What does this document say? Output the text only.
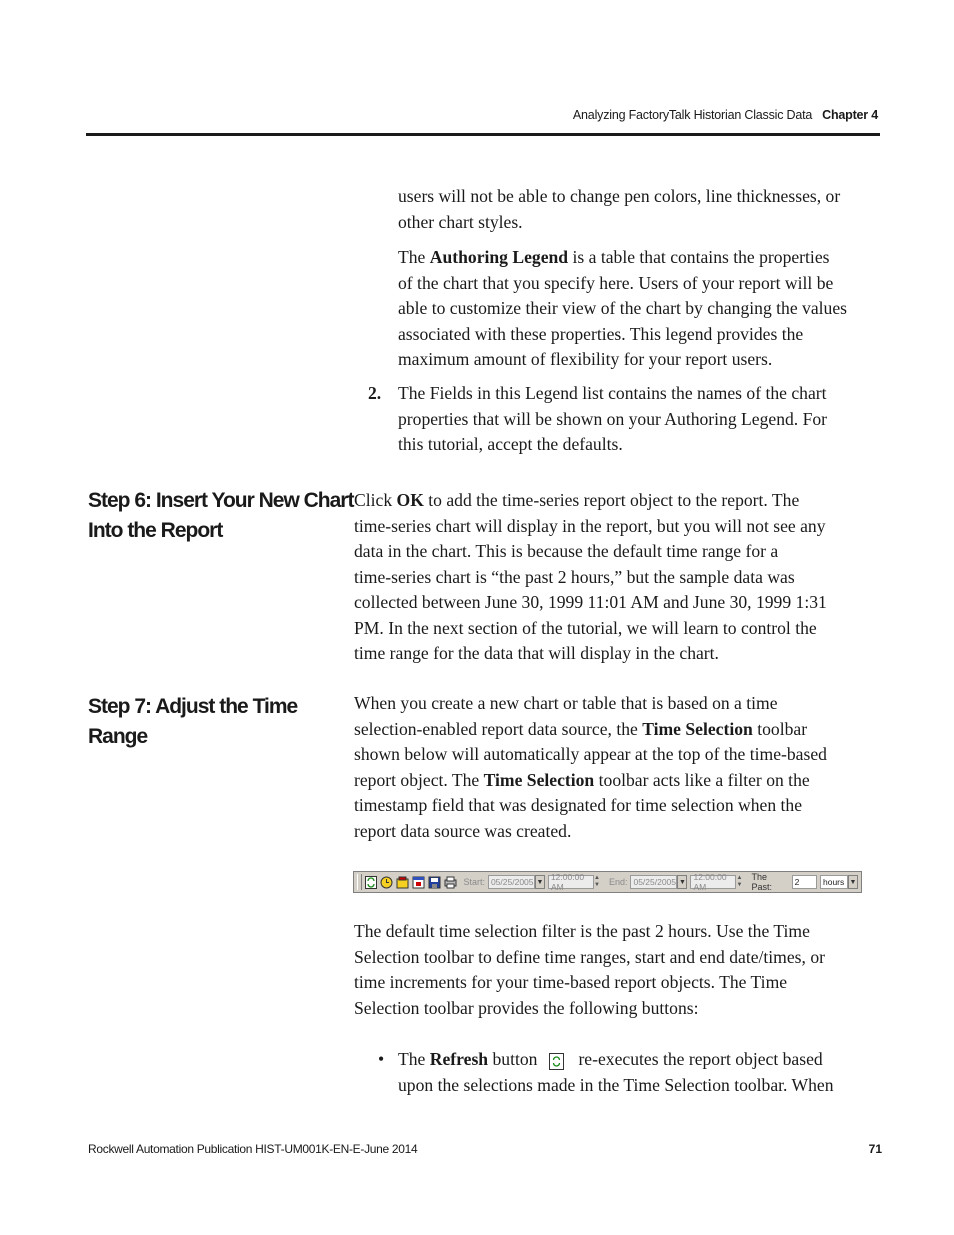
Analyzing FactoryTalk Historian Classic Data Chapter 4

users will not be able to change pen colors, line thicknesses, or
other chart styles.

The Authoring Legend is a table that contains the properties
of the chart that you specify here. Users of your report will be
able to customize their view of the chart by changing the values
associated with these properties. This legend provides the
maximum amount of flexibility for your report users.

2. The Fields in this Legend list contains the names of the chart
properties that will be shown on your Authoring Legend. For
this tutorial, accept the defaults.

Step 6: Insert Your New Chart
Into the Report

Click OK to add the time-series report object to the report. The
time-series chart will display in the report, but you will not see any
data in the chart. This is because the default time range for a
time-series chart is “the past 2 hours,” but the sample data was
collected between June 30, 1999 11:01 AM and June 30, 1999 1:31
PM. In the next section of the tutorial, we will learn to control the
time range for the data that will display in the chart.

Step 7: Adjust the Time
Range

When you create a new chart or table that is based on a time
selection-enabled report data source, the Time Selection toolbar
shown below will automatically appear at the top of the time-based
report object. The Time Selection toolbar acts like a filter on the
timestamp field that was designated for time selection when the
report data source was created.

Start: 05/25/2005 ▼ 12:00:00 AM
▲
▼	End: 05/25/2005 ▼ 12:00:00 AM
▲
▼
The Past:	2	hours ▼

The default time selection filter is the past 2 hours. Use the Time
Selection toolbar to define time ranges, start and end date/times, or
time increments for your time-based report objects. The Time
Selection toolbar provides the following buttons:

• The Refresh button re-executes the report object based
upon the selections made in the Time Selection toolbar. When
Rockwell Automation Publication HIST-UM001K-EN-E-June 2014	71
